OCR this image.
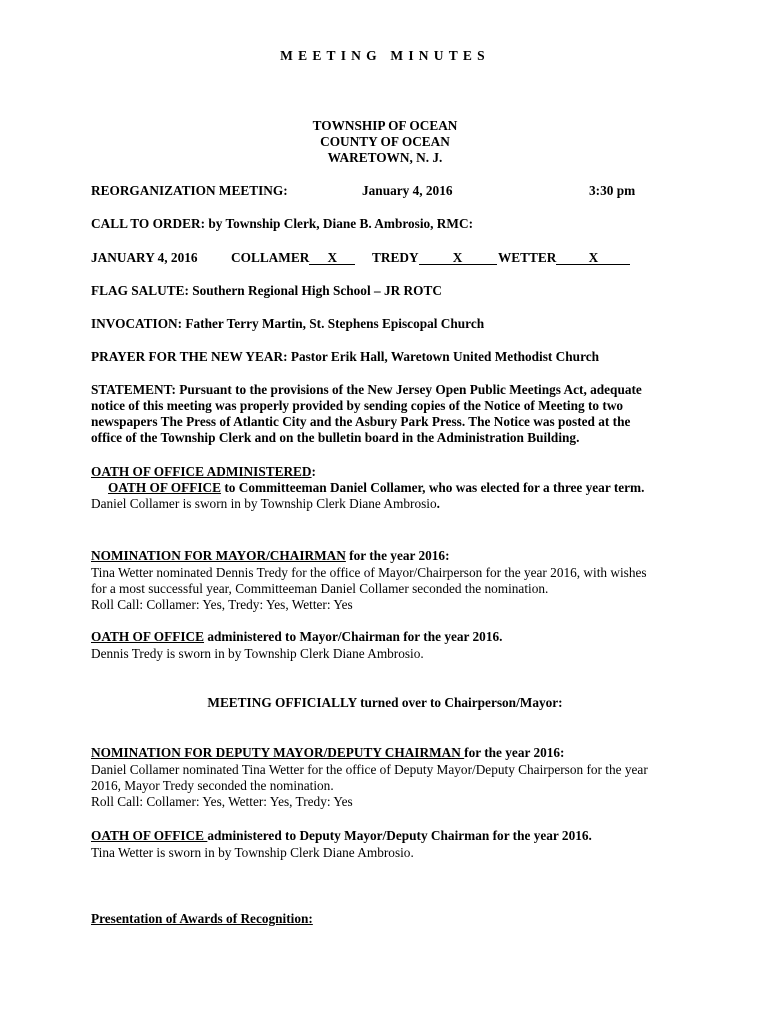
MEETING MINUTES
TOWNSHIP OF OCEAN
COUNTY OF OCEAN
WARETOWN, N. J.
REORGANIZATION MEETING:	January 4, 2016	3:30 pm
CALL TO ORDER: by Township Clerk, Diane B. Ambrosio, RMC:
JANUARY 4, 2016	COLLAMER X	TREDY	X	WETTER X
FLAG SALUTE: Southern Regional High School – JR ROTC
INVOCATION: Father Terry Martin, St. Stephens Episcopal Church
PRAYER FOR THE NEW YEAR: Pastor Erik Hall, Waretown United Methodist Church
STATEMENT: Pursuant to the provisions of the New Jersey Open Public Meetings Act, adequate
notice of this meeting was properly provided by sending copies of the Notice of Meeting to two
newspapers The Press of Atlantic City and the Asbury Park Press. The Notice was posted at the
office of the Township Clerk and on the bulletin board in the Administration Building.
OATH OF OFFICE ADMINISTERED:
OATH OF OFFICE to Committeeman Daniel Collamer, who was elected for a three year term.
Daniel Collamer is sworn in by Township Clerk Diane Ambrosio.
NOMINATION FOR MAYOR/CHAIRMAN for the year 2016:
Tina Wetter nominated Dennis Tredy for the office of Mayor/Chairperson for the year 2016, with wishes
for a most successful year, Committeeman Daniel Collamer seconded the nomination.
Roll Call: Collamer: Yes, Tredy: Yes, Wetter: Yes
OATH OF OFFICE administered to Mayor/Chairman for the year 2016.
Dennis Tredy is sworn in by Township Clerk Diane Ambrosio.
MEETING OFFICIALLY turned over to Chairperson/Mayor:
NOMINATION FOR DEPUTY MAYOR/DEPUTY CHAIRMAN for the year 2016:
Daniel Collamer nominated Tina Wetter for the office of Deputy Mayor/Deputy Chairperson for the year
2016, Mayor Tredy seconded the nomination.
Roll Call: Collamer: Yes, Wetter: Yes, Tredy: Yes
OATH OF OFFICE administered to Deputy Mayor/Deputy Chairman for the year 2016.
Tina Wetter is sworn in by Township Clerk Diane Ambrosio.
Presentation of Awards of Recognition:
